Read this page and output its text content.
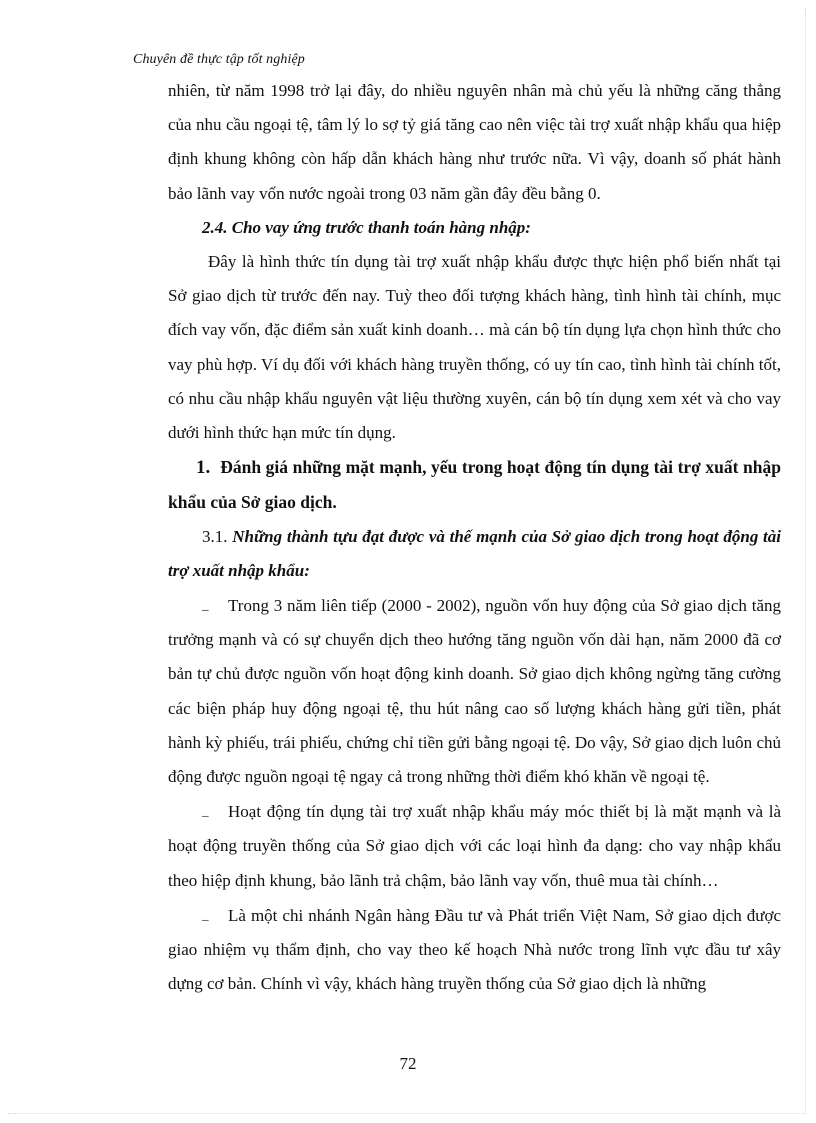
Chuyên đề thực tập tốt nghiệp

nhiên, từ năm 1998 trở lại đây, do nhiều nguyên nhân mà chủ yếu là những căng thẳng của nhu cầu ngoại tệ, tâm lý lo sợ tỷ giá tăng cao nên việc tài trợ xuất nhập khẩu qua hiệp định khung không còn hấp dẫn khách hàng như trước nữa. Vì vậy, doanh số phát hành bảo lãnh vay vốn nước ngoài trong 03 năm gần đây đều bằng 0.

2.4. Cho vay ứng trước thanh toán hàng nhập:

Đây là hình thức tín dụng tài trợ xuất nhập khẩu được thực hiện phổ biến nhất tại Sở giao dịch từ trước đến nay. Tuỳ theo đối tượng khách hàng, tình hình tài chính, mục đích vay vốn, đặc điểm sản xuất kinh doanh… mà cán bộ tín dụng lựa chọn hình thức cho vay phù hợp. Ví dụ đối với khách hàng truyền thống, có uy tín cao, tình hình tài chính tốt, có nhu cầu nhập khẩu nguyên vật liệu thường xuyên, cán bộ tín dụng xem xét và cho vay dưới hình thức hạn mức tín dụng.

1. Đánh giá những mặt mạnh, yếu trong hoạt động tín dụng tài trợ xuất nhập khẩu của Sở giao dịch.

3.1. Những thành tựu đạt được và thế mạnh của Sở giao dịch trong hoạt động tài trợ xuất nhập khẩu:

_ Trong 3 năm liên tiếp (2000 - 2002), nguồn vốn huy động của Sở giao dịch tăng trưởng mạnh và có sự chuyển dịch theo hướng tăng nguồn vốn dài hạn, năm 2000 đã cơ bản tự chủ được nguồn vốn hoạt động kinh doanh. Sở giao dịch không ngừng tăng cường các biện pháp huy động ngoại tệ, thu hút nâng cao số lượng khách hàng gửi tiền, phát hành kỳ phiếu, trái phiếu, chứng chỉ tiền gửi bằng ngoại tệ. Do vậy, Sở giao dịch luôn chủ động được nguồn ngoại tệ ngay cả trong những thời điểm khó khăn về ngoại tệ.

_ Hoạt động tín dụng tài trợ xuất nhập khẩu máy móc thiết bị là mặt mạnh và là hoạt động truyền thống của Sở giao dịch với các loại hình đa dạng: cho vay nhập khẩu theo hiệp định khung, bảo lãnh trả chậm, bảo lãnh vay vốn, thuê mua tài chính…

_ Là một chi nhánh Ngân hàng Đầu tư và Phát triển Việt Nam, Sở giao dịch được giao nhiệm vụ thẩm định, cho vay theo kế hoạch Nhà nước trong lĩnh vực đầu tư xây dựng cơ bản. Chính vì vậy, khách hàng truyền thống của Sở giao dịch là những

72
